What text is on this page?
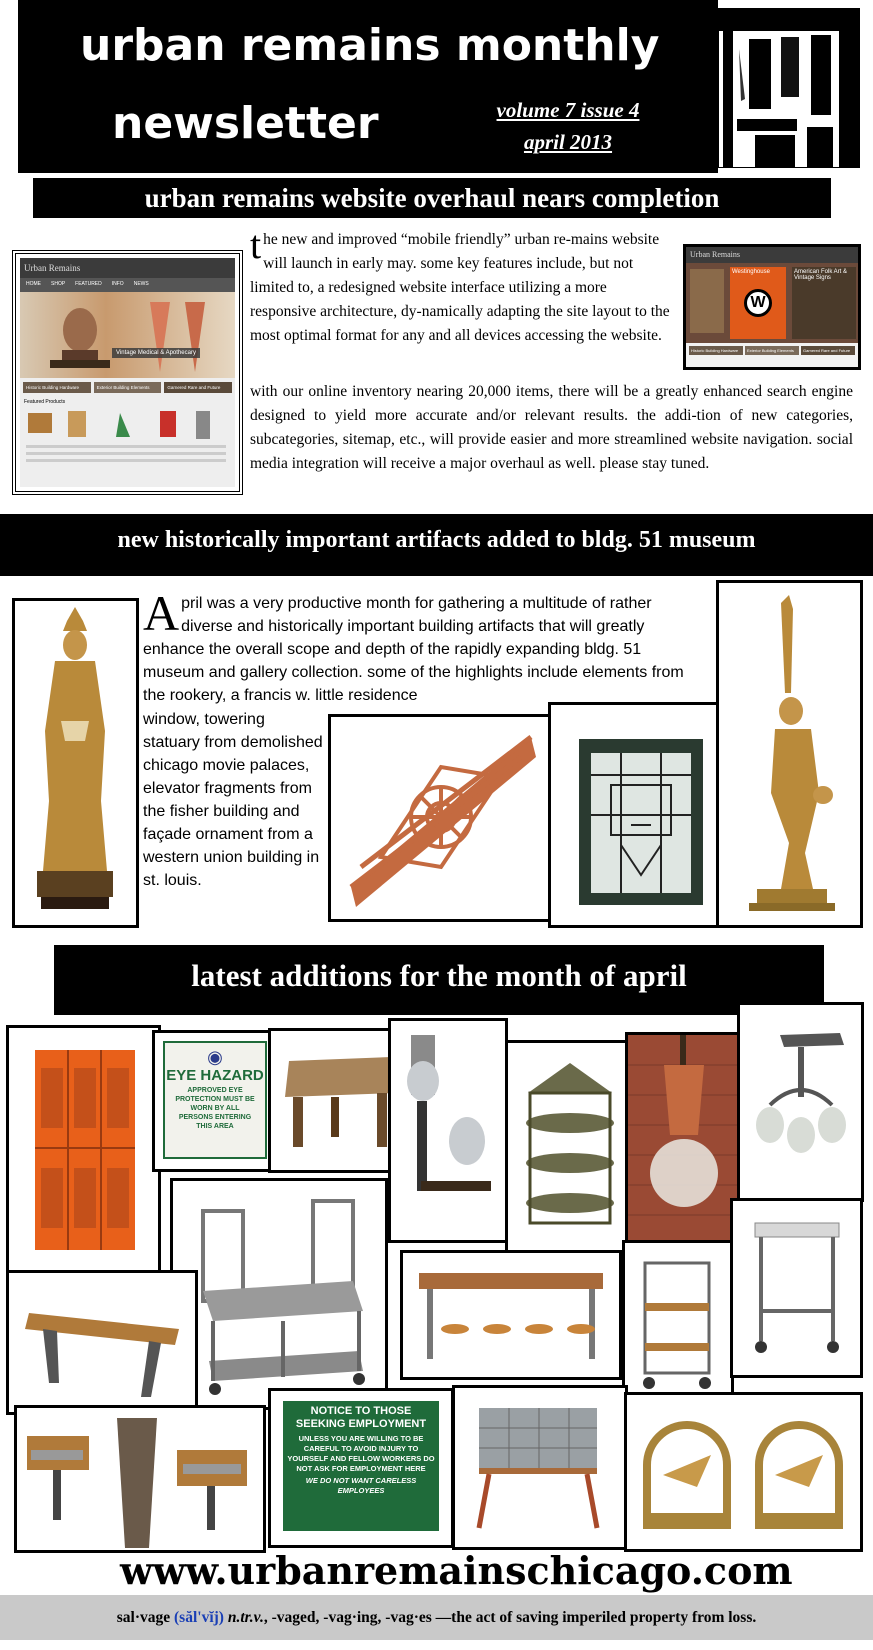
urban remains monthly
newsletter	volume 7 issue 4
april 2013
urban remains website overhaul nears completion
Urban Remains
HOME SHOP FEATURED INFO NEWS
Vintage Medical & Apothecary
Historic Building Hardware	Exterior Building Elements	Garnered Rare and Future
Featured Products
Urban Remains
W
Westinghouse	American Folk Art & Vintage Signs
Historic Building Hardware	Exterior Building Elements	Garnered Rare and Future
the new and improved “mobile friendly” urban re-mains website will launch in early may. some key features include, but not limited to, a redesigned website interface utilizing a more responsive architecture, dy-namically adapting the site layout to the most optimal format for any and all devices accessing the website.
with our online inventory nearing 20,000 items, there will be a greatly enhanced search engine designed to yield more accurate and/or relevant results. the addi-tion of new categories, subcategories, sitemap, etc., will provide easier and more streamlined website navigation. social media integration will receive a major overhaul as well. please stay tuned.
new historically important artifacts added to bldg. 51 museum
April was a very productive month for gathering a multitude of rather diverse and historically important building artifacts that will greatly enhance the overall scope and depth of the rapidly expanding bldg. 51 museum and gallery collection. some of the highlights include elements from the rookery, a francis w. little residence
window, towering statuary from demolished chicago movie palaces, elevator fragments from the fisher building and façade ornament from a western union building in st. louis.
latest additions for the month of april
◉
EYE HAZARD
APPROVED EYE PROTECTION MUST BE WORN BY ALL PERSONS ENTERING THIS AREA
NOTICE TO THOSE SEEKING EMPLOYMENT
UNLESS YOU ARE WILLING TO BE CAREFUL TO AVOID INJURY TO YOURSELF AND FELLOW WORKERS DO NOT ASK FOR EMPLOYMENT HERE
WE DO NOT WANT CARELESS EMPLOYEES
www.urbanremainschicago.com
sal·vage (săl'vĭj) n.tr.v., -vaged, -vag·ing, -vag·es —the act of saving imperiled property from loss.
